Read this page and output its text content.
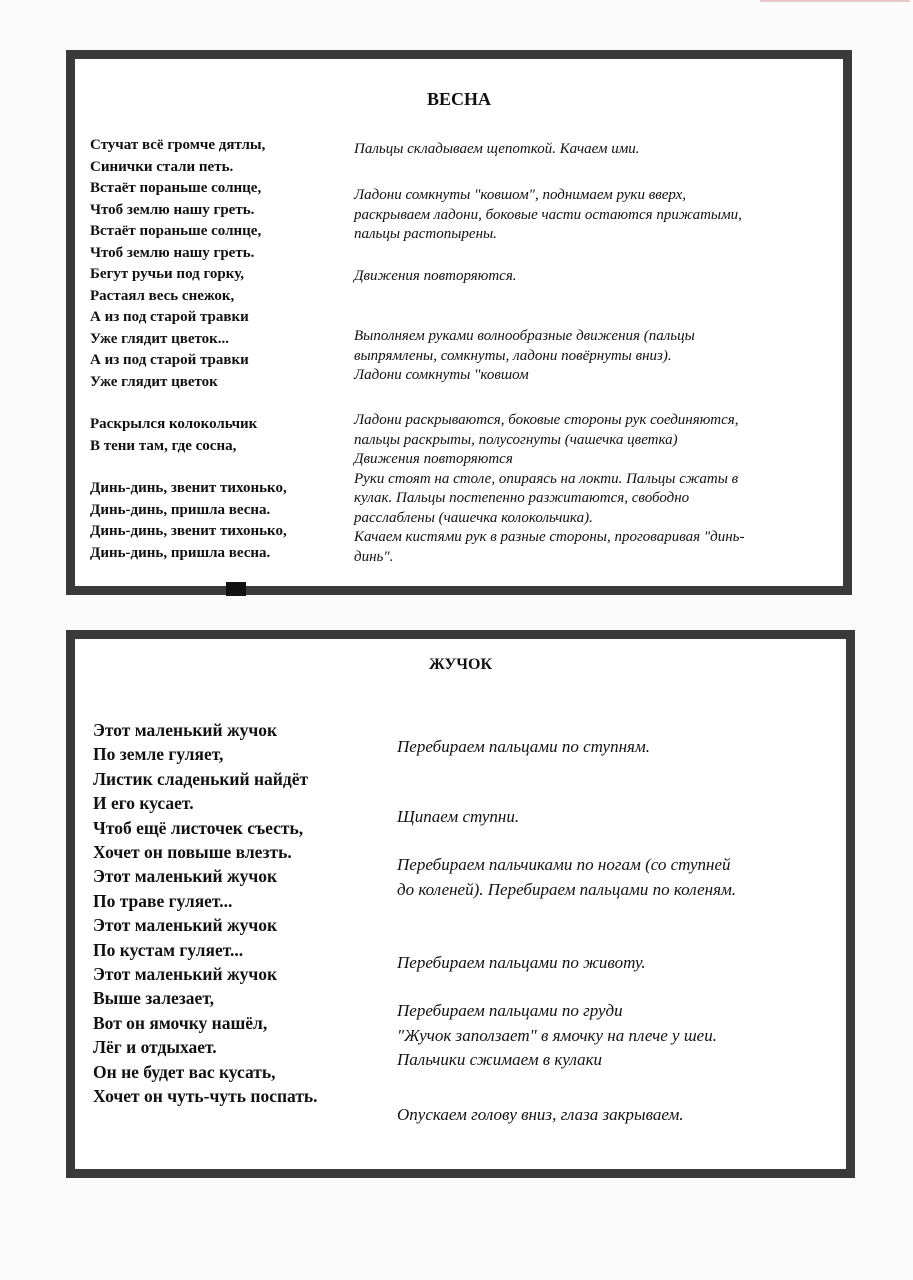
ВЕСНА
Стучат всё громче дятлы,
Синички стали петь.
Встаёт пораньше солнце,
Чтоб землю нашу греть.
Встаёт пораньше солнце,
Чтоб землю нашу греть.
Бегут ручьи под горку,
Растаял весь снежок,
А из под старой травки
Уже глядит цветок...
А из под старой травки
Уже глядит цветок
Раскрылся колокольчик
В тени там, где сосна,
Динь-динь, звенит тихонько,
Динь-динь, пришла весна.
Динь-динь, звенит тихонько,
Динь-динь, пришла весна.
Пальцы складываем щепоткой. Качаем ими.
Ладони сомкнуты "ковшом", поднимаем руки вверх,
раскрываем ладони, боковые части остаются прижатыми,
пальцы растопырены.
Движения повторяются.
Выполняем руками волнообразные движения (пальцы
выпрямлены, сомкнуты, ладони повёрнуты вниз).
Ладони сомкнуты "ковшом
Ладони раскрываются, боковые стороны рук соединяются,
пальцы раскрыты, полусогнуты (чашечка цветка)
Движения повторяются
Руки стоят на столе, опираясь на локти. Пальцы сжаты в
кулак. Пальцы постепенно разжитаются, свободно
расслаблены (чашечка колокольчика).
Качаем кистями рук в разные стороны, проговаривая "динь-
динь".
ЖУЧОК
Этот маленький жучок
По земле гуляет,
Листик сладенький найдёт
И его кусает.
Чтоб ещё листочек съесть,
Хочет он повыше влезть.
Этот маленький жучок
По траве гуляет...
Этот маленький жучок
По кустам гуляет...
Этот маленький жучок
Выше залезает,
Вот он ямочку нашёл,
Лёг и отдыхает.
Он не будет вас кусать,
Хочет он чуть-чуть поспать.
Перебираем пальцами по ступням.
Щипаем ступни.
Перебираем пальчиками по ногам (со ступней
до коленей). Перебираем пальцами по коленям.
Перебираем пальцами по животу.
Перебираем пальцами по груди
"Жучок заползает" в ямочку на плече у шеи.
Пальчики сжимаем в кулаки
Опускаем голову вниз, глаза закрываем.
